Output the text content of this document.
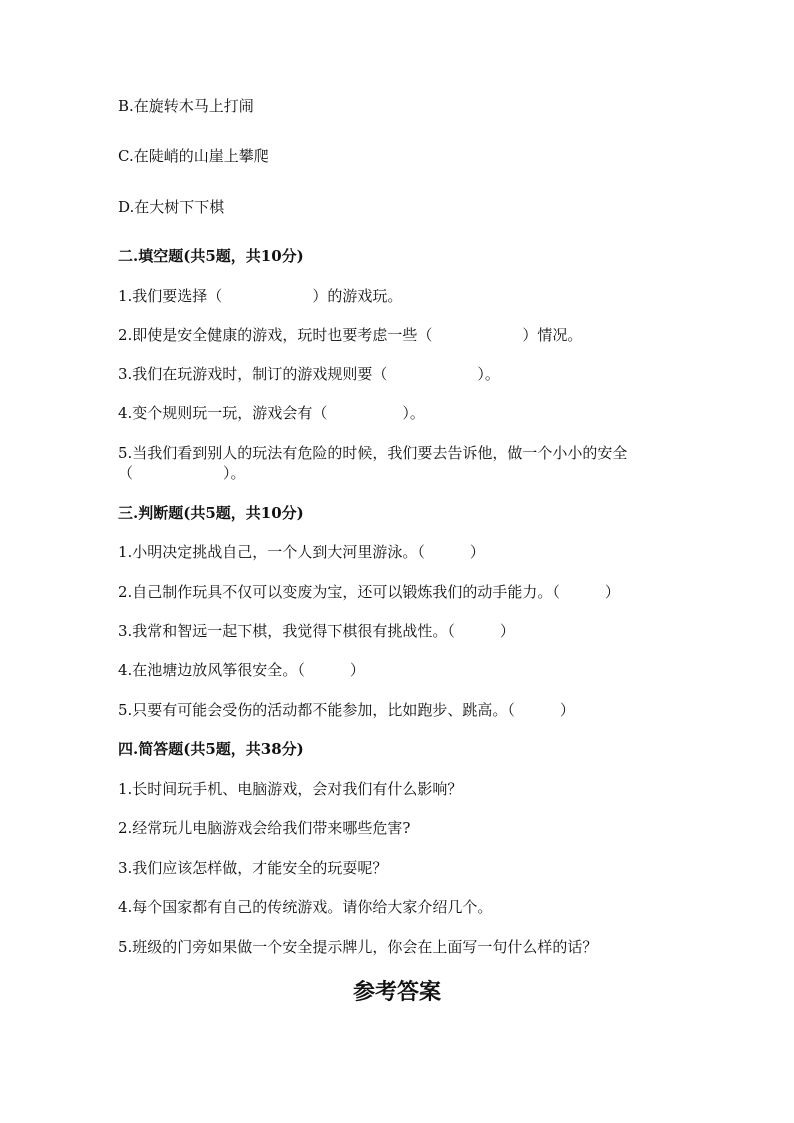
B.在旋转木马上打闹
C.在陡峭的山崖上攀爬
D.在大树下下棋
二.填空题(共5题，共10分)
1.我们要选择（　　　　　　）的游戏玩。
2.即使是安全健康的游戏，玩时也要考虑一些（　　　　　　）情况。
3.我们在玩游戏时，制订的游戏规则要（　　　　　　）。
4.变个规则玩一玩，游戏会有（　　　　　）。
5.当我们看到别人的玩法有危险的时候，我们要去告诉他，做一个小小的安全
（　　　　　　）。
三.判断题(共5题，共10分)
1.小明决定挑战自己，一个人到大河里游泳。（　　　）
2.自己制作玩具不仅可以变废为宝，还可以锻炼我们的动手能力。（　　　）
3.我常和智远一起下棋，我觉得下棋很有挑战性。（　　　）
4.在池塘边放风筝很安全。（　　　）
5.只要有可能会受伤的活动都不能参加，比如跑步、跳高。（　　　）
四.简答题(共5题，共38分)
1.长时间玩手机、电脑游戏，会对我们有什么影响？
2.经常玩儿电脑游戏会给我们带来哪些危害?
3.我们应该怎样做，才能安全的玩耍呢？
4.每个国家都有自己的传统游戏。请你给大家介绍几个。
5.班级的门旁如果做一个安全提示牌儿，你会在上面写一句什么样的话？
参考答案
